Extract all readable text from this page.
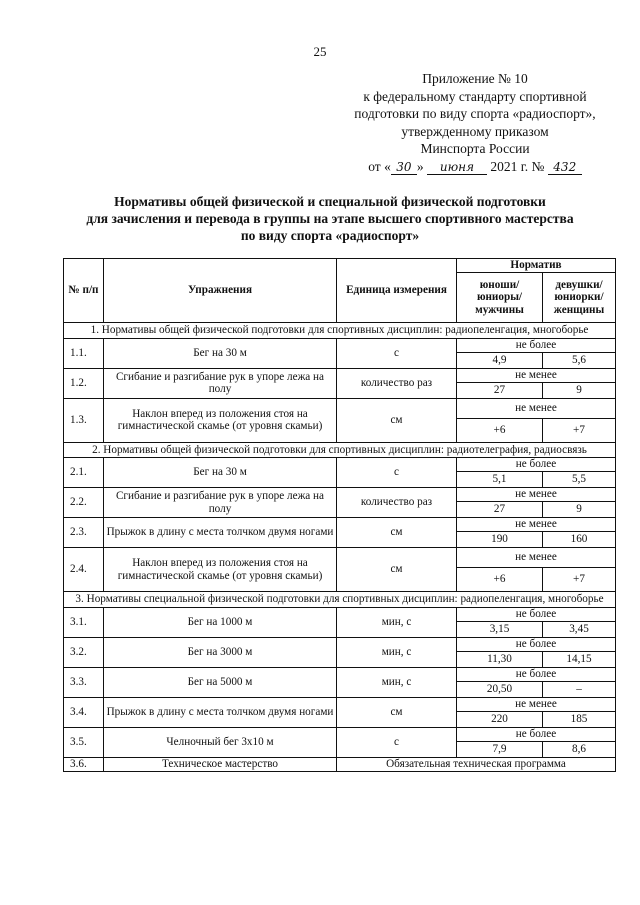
25
Приложение № 10
к федеральному стандарту спортивной
подготовки по виду спорта «радиоспорт»,
утвержденному приказом
Минспорта России
от « 30 » июня 2021 г. № 432
Нормативы общей физической и специальной физической подготовки
для зачисления и перевода в группы на этапе высшего спортивного мастерства
по виду спорта «радиоспорт»
№ п/п	Упражнения	Единица измерения	Норматив	
			юноши/ юниоры/ мужчины	девушки/ юниорки/ женщины
1. Нормативы общей физической подготовки для спортивных дисциплин: радиопеленгация, многоборье				
1.1.	Бег на 30 м	с	не более	
			4,9	5,6
1.2.	Сгибание и разгибание рук в упоре лежа на полу	количество раз	не менее	
			27	9
1.3.	Наклон вперед из положения стоя на гимнастической скамье (от уровня скамьи)	см	не менее	
			+6	+7
2. Нормативы общей физической подготовки для спортивных дисциплин: радиотелеграфия, радиосвязь				
2.1.	Бег на 30 м	с	не более	
			5,1	5,5
2.2.	Сгибание и разгибание рук в упоре лежа на полу	количество раз	не менее	
			27	9
2.3.	Прыжок в длину с места толчком двумя ногами	см	не менее	
			190	160
2.4.	Наклон вперед из положения стоя на гимнастической скамье (от уровня скамьи)	см	не менее	
			+6	+7
3. Нормативы специальной физической подготовки для спортивных дисциплин: радиопеленгация, многоборье				
3.1.	Бег на 1000 м	мин, с	не более	
			3,15	3,45
3.2.	Бег на 3000 м	мин, с	не более	
			11,30	14,15
3.3.	Бег на 5000 м	мин, с	не более	
			20,50	–
3.4.	Прыжок в длину с места толчком двумя ногами	см	не менее	
			220	185
3.5.	Челночный бег 3x10 м	с	не более	
			7,9	8,6
3.6.	Техническое мастерство	Обязательная техническая программа		
